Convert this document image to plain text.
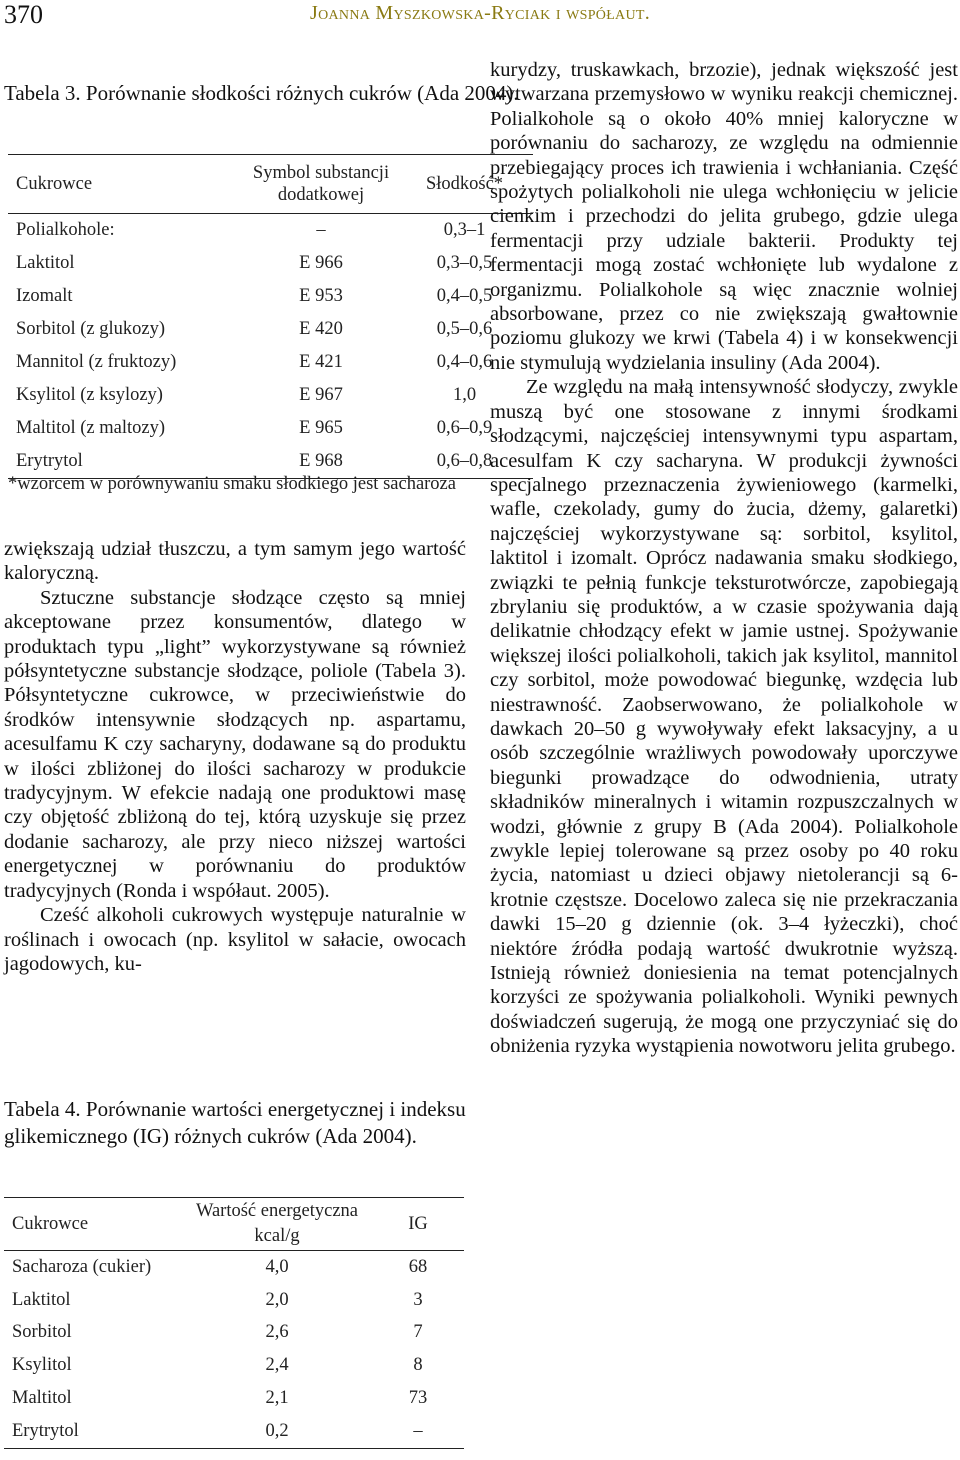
370	Joanna Myszkowska-Ryciak i współaut.
Tabela 3. Porównanie słodkości różnych cukrów (Ada 2004).
Cukrowce	Symbol substancji dodatkowej	Słodkość*
Polialkohole:	–	0,3–1
Laktitol	E 966	0,3–0,5
Izomalt	E 953	0,4–0,5
Sorbitol (z glukozy)	E 420	0,5–0,6
Mannitol (z fruktozy)	E 421	0,4–0,6
Ksylitol (z ksylozy)	E 967	1,0
Maltitol (z maltozy)	E 965	0,6–0,9
Erytrytol	E 968	0,6–0,8
*wzorcem w porównywaniu smaku słodkiego jest sacharoza

zwiększają udział tłuszczu, a tym samym jego wartość kaloryczną.

Sztuczne substancje słodzące często są mniej akceptowane przez konsumentów, dlatego w produktach typu „light” wykorzystywane są również półsyntetyczne substancje słodzące, poliole (Tabela 3). Półsyntetyczne cukrowce, w przeciwieństwie do środków intensywnie słodzących np. aspartamu, acesulfamu K czy sacharyny, dodawane są do produktu w ilości zbliżonej do ilości sacharozy w produkcie tradycyjnym. W efekcie nadają one produktowi masę czy objętość zbliżoną do tej, którą uzyskuje się przez dodanie sacharozy, ale przy nieco niższej wartości energetycznej w porównaniu do produktów tradycyjnych (Ronda i współaut. 2005).

Cześć alkoholi cukrowych występuje naturalnie w roślinach i owocach (np. ksylitol w sałacie, owocach jagodowych, ku-

Tabela 4. Porównanie wartości energetycznej i indeksu glikemicznego (IG) różnych cukrów (Ada 2004).
Cukrowce	Wartość energetyczna kcal/g	IG
Sacharoza (cukier)	4,0	68
Laktitol	2,0	3
Sorbitol	2,6	7
Ksylitol	2,4	8
Maltitol	2,1	73
Erytrytol	0,2	–

kurydzy, truskawkach, brzozie), jednak większość jest wytwarzana przemysłowo w wyniku reakcji chemicznej. Polialkohole są o około 40% mniej kaloryczne w porównaniu do sacharozy, ze względu na odmiennie przebiegający proces ich trawienia i wchłaniania. Część spożytych polialkoholi nie ulega wchłonięciu w jelicie cienkim i przechodzi do jelita grubego, gdzie ulega fermentacji przy udziale bakterii. Produkty tej fermentacji mogą zostać wchłonięte lub wydalone z organizmu. Polialkohole są więc znacznie wolniej absorbowane, przez co nie zwiększają gwałtownie poziomu glukozy we krwi (Tabela 4) i w konsekwencji nie stymulują wydzielania insuliny (Ada 2004).

Ze względu na małą intensywność słodyczy, zwykle muszą być one stosowane z innymi środkami słodzącymi, najczęściej intensywnymi typu aspartam, acesulfam K czy sacharyna. W produkcji żywności specjalnego przeznaczenia żywieniowego (karmelki, wafle, czekolady, gumy do żucia, dżemy, galaretki) najczęściej wykorzystywane są: sorbitol, ksylitol, laktitol i izomalt. Oprócz nadawania smaku słodkiego, związki te pełnią funkcje teksturotwórcze, zapobiegają zbrylaniu się produktów, a w czasie spożywania dają delikatnie chłodzący efekt w jamie ustnej. Spożywanie większej ilości polialkoholi, takich jak ksylitol, mannitol czy sorbitol, może powodować biegunkę, wzdęcia lub niestrawność. Zaobserwowano, że polialkohole w dawkach 20–50 g wywoływały efekt laksacyjny, a u osób szczególnie wrażliwych powodowały uporczywe biegunki prowadzące do odwodnienia, utraty składników mineralnych i witamin rozpuszczalnych w wodzi, głównie z grupy B (Ada 2004). Polialkohole zwykle lepiej tolerowane są przez osoby po 40 roku życia, natomiast u dzieci objawy nietolerancji są 6-krotnie częstsze. Docelowo zaleca się nie przekraczania dawki 15–20 g dziennie (ok. 3–4 łyżeczki), choć niektóre źródła podają wartość dwukrotnie wyższą. Istnieją również doniesienia na temat potencjalnych korzyści ze spożywania polialkoholi. Wyniki pewnych doświadczeń sugerują, że mogą one przyczyniać się do obniżenia ryzyka wystąpienia nowotworu jelita grubego.
